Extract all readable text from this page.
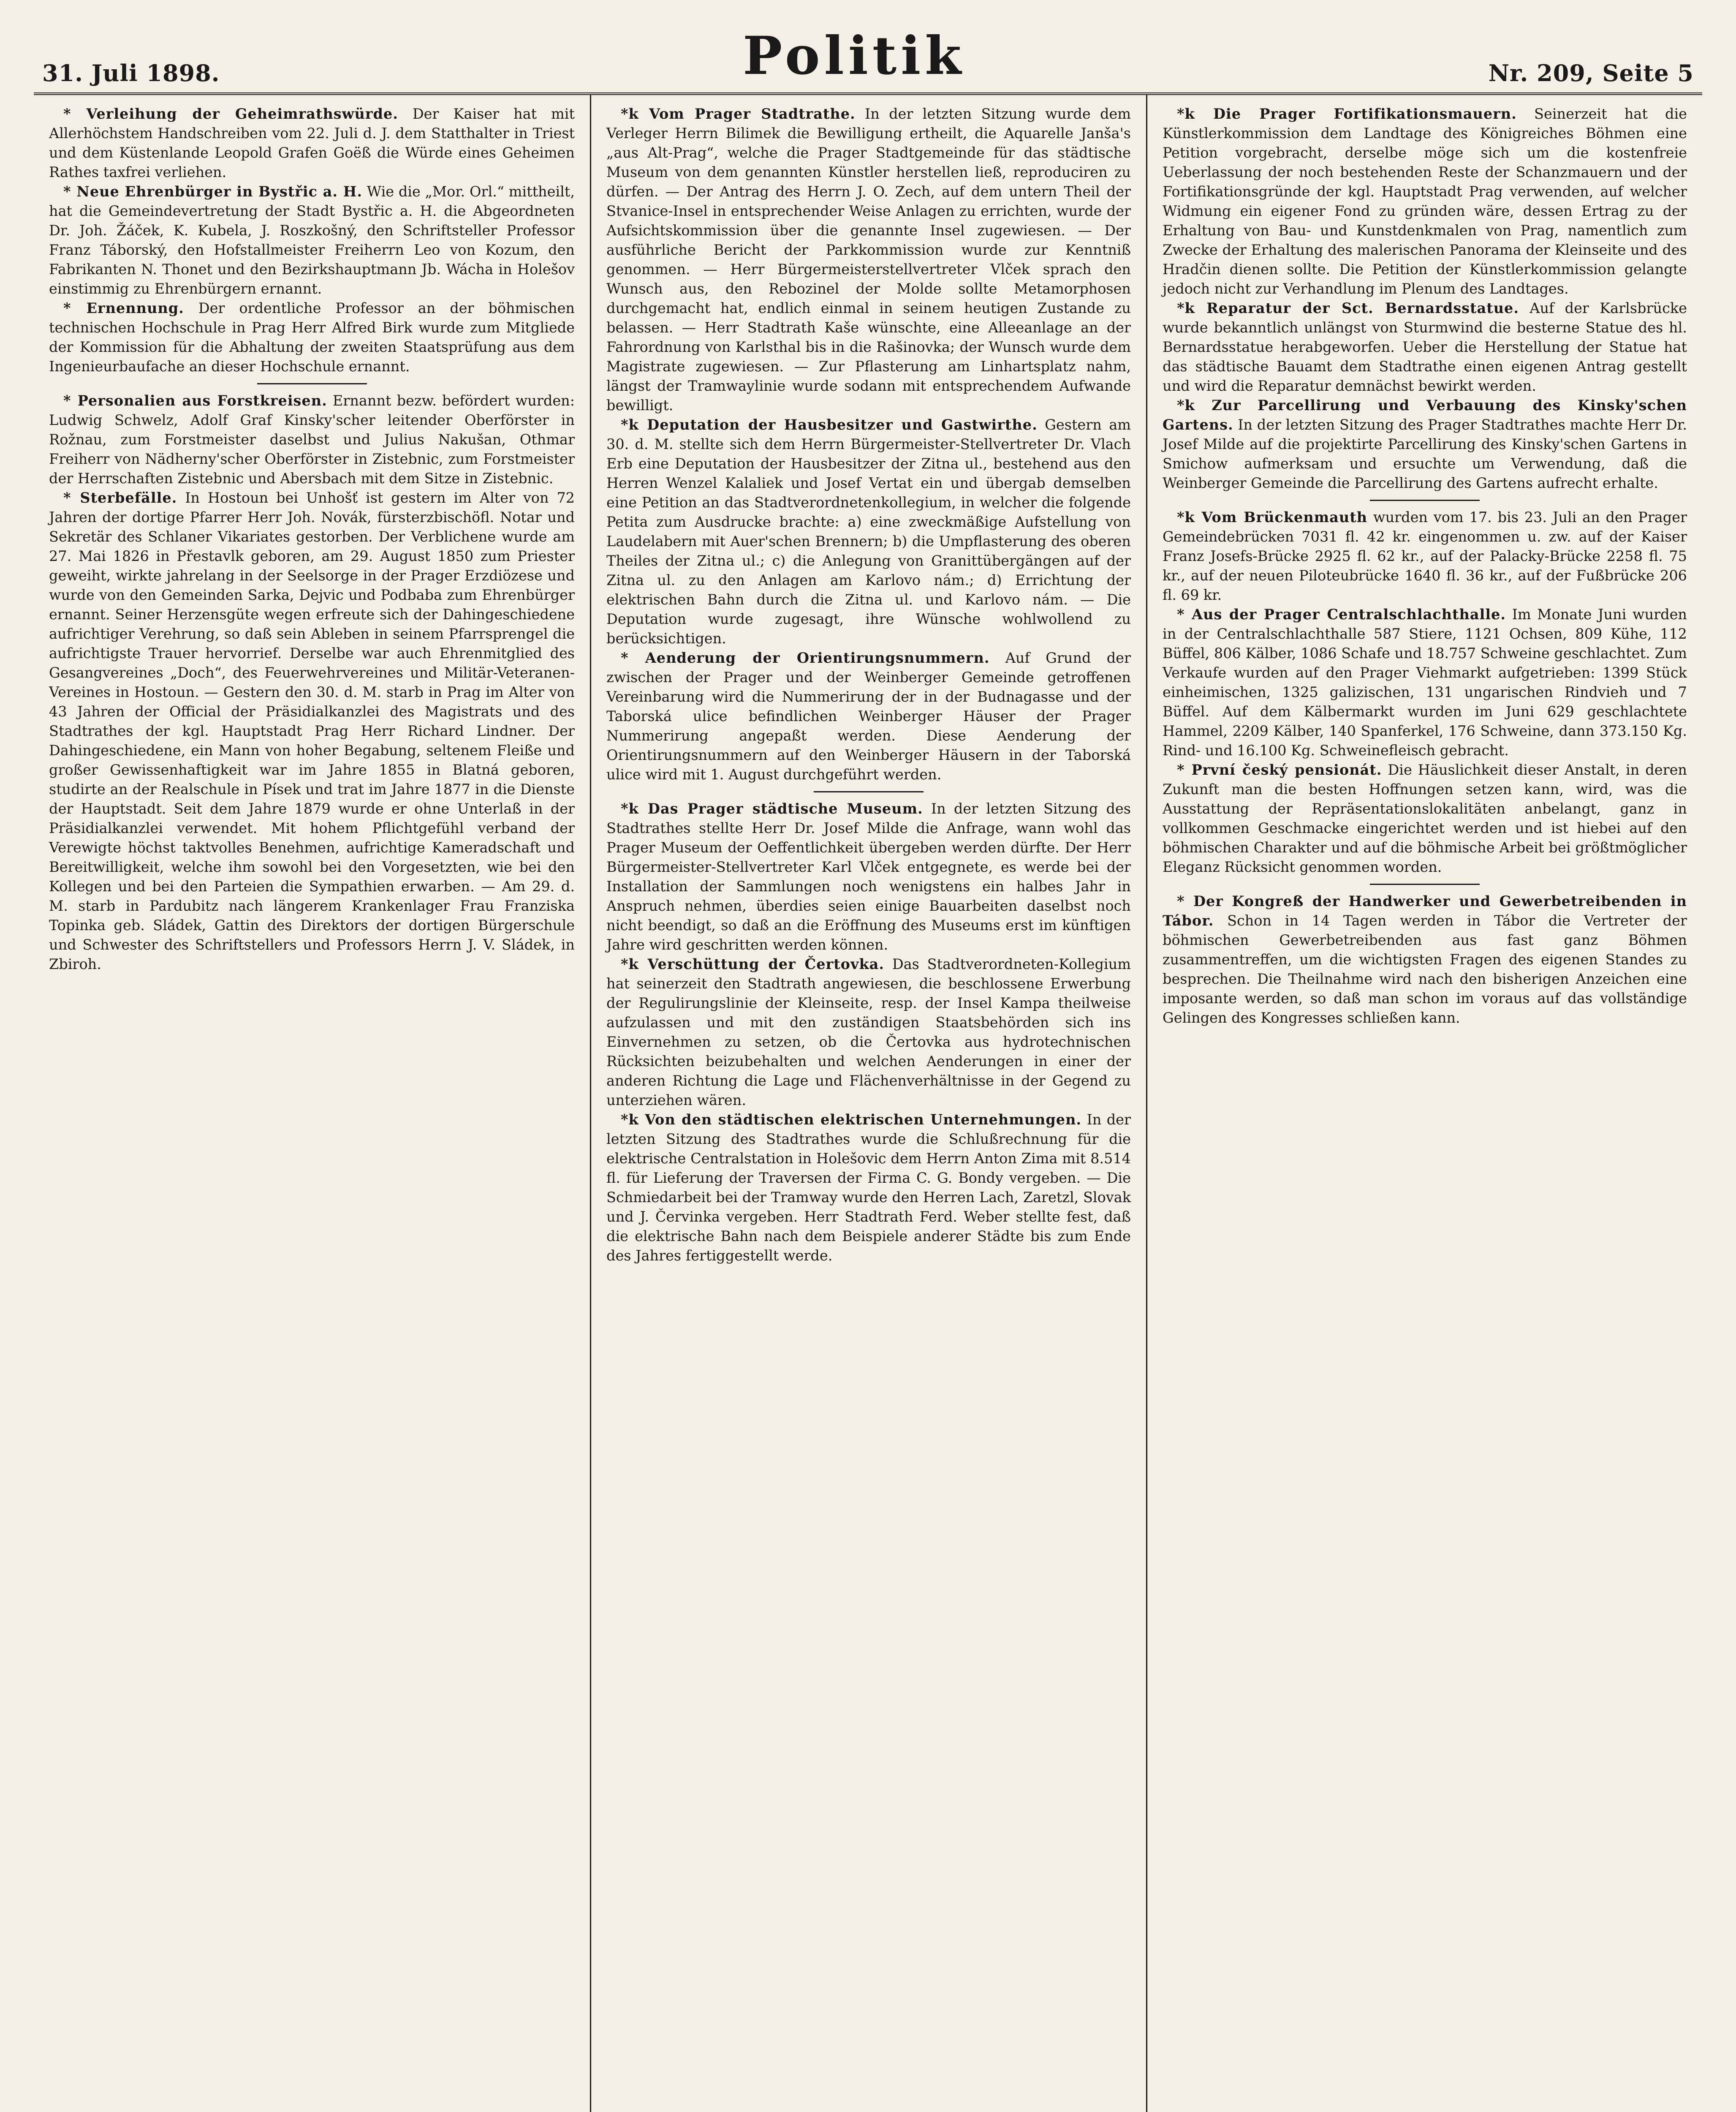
31. Juli 1898.	Politik	Nr. 209, Seite 5

* Verleihung der Geheimrathswürde. Der Kaiser hat mit Allerhöchstem Handschreiben vom 22. Juli d. J. dem Statthalter in Triest und dem Küstenlande Leopold Grafen Goëß die Würde eines Geheimen Rathes taxfrei verliehen.

* Neue Ehrenbürger in Bystřic a. H. Wie die „Mor. Orl.“ mittheilt, hat die Gemeindevertretung der Stadt Bystřic a. H. die Abgeordneten Dr. Joh. Žáček, K. Kubela, J. Roszkošný, den Schriftsteller Professor Franz Táborský, den Hofstallmeister Freiherrn Leo von Kozum, den Fabrikanten N. Thonet und den Bezirkshauptmann Jb. Wácha in Holešov einstimmig zu Ehrenbürgern ernannt.

* Ernennung. Der ordentliche Professor an der böhmischen technischen Hochschule in Prag Herr Alfred Birk wurde zum Mitgliede der Kommission für die Abhaltung der zweiten Staatsprüfung aus dem Ingenieurbaufache an dieser Hochschule ernannt.

* Personalien aus Forstkreisen. Ernannt bezw. befördert wurden: Ludwig Schwelz, Adolf Graf Kinsky'scher leitender Oberförster in Rožnau, zum Forstmeister daselbst und Julius Nakušan, Othmar Freiherr von Nädherny'scher Oberförster in Zistebnic, zum Forstmeister der Herrschaften Zistebnic und Abersbach mit dem Sitze in Zistebnic.

* Sterbefälle. In Hostoun bei Unhošť ist gestern im Alter von 72 Jahren der dortige Pfarrer Herr Joh. Novák, fürsterzbischöfl. Notar und Sekretär des Schlaner Vikariates gestorben. Der Verblichene wurde am 27. Mai 1826 in Přestavlk geboren, am 29. August 1850 zum Priester geweiht, wirkte jahrelang in der Seelsorge in der Prager Erzdiözese und wurde von den Gemeinden Sarka, Dejvic und Podbaba zum Ehrenbürger ernannt. Seiner Herzensgüte wegen erfreute sich der Dahingeschiedene aufrichtiger Verehrung, so daß sein Ableben in seinem Pfarrsprengel die aufrichtigste Trauer hervorrief. Derselbe war auch Ehrenmitglied des Gesangvereines „Doch“, des Feuerwehrvereines und Militär-Veteranen-Vereines in Hostoun. — Gestern den 30. d. M. starb in Prag im Alter von 43 Jahren der Official der Präsidialkanzlei des Magistrats und des Stadtrathes der kgl. Hauptstadt Prag Herr Richard Lindner. Der Dahingeschiedene, ein Mann von hoher Begabung, seltenem Fleiße und großer Gewissenhaftigkeit war im Jahre 1855 in Blatná geboren, studirte an der Realschule in Písek und trat im Jahre 1877 in die Dienste der Hauptstadt. Seit dem Jahre 1879 wurde er ohne Unterlaß in der Präsidialkanzlei verwendet. Mit hohem Pflichtgefühl verband der Verewigte höchst taktvolles Benehmen, aufrichtige Kameradschaft und Bereitwilligkeit, welche ihm sowohl bei den Vorgesetzten, wie bei den Kollegen und bei den Parteien die Sympathien erwarben. — Am 29. d. M. starb in Pardubitz nach längerem Krankenlager Frau Franziska Topinka geb. Sládek, Gattin des Direktors der dortigen Bürgerschule und Schwester des Schriftstellers und Professors Herrn J. V. Sládek, in Zbiroh.

*k Vom Prager Stadtrathe. In der letzten Sitzung wurde dem Verleger Herrn Bilimek die Bewilligung ertheilt, die Aquarelle Janša's „aus Alt-Prag“, welche die Prager Stadtgemeinde für das städtische Museum von dem genannten Künstler herstellen ließ, reproduciren zu dürfen. — Der Antrag des Herrn J. O. Zech, auf dem untern Theil der Stvanice-Insel in entsprechender Weise Anlagen zu errichten, wurde der Aufsichtskommission über die genannte Insel zugewiesen. — Der ausführliche Bericht der Parkkommission wurde zur Kenntniß genommen. — Herr Bürgermeisterstellvertreter Vlček sprach den Wunsch aus, den Rebozinel der Molde sollte Metamorphosen durchgemacht hat, endlich einmal in seinem heutigen Zustande zu belassen. — Herr Stadtrath Kaše wünschte, eine Alleeanlage an der Fahrordnung von Karlsthal bis in die Rašinovka; der Wunsch wurde dem Magistrate zugewiesen. — Zur Pflasterung am Linhartsplatz nahm, längst der Tramwaylinie wurde sodann mit entsprechendem Aufwande bewilligt.

*k Deputation der Hausbesitzer und Gastwirthe. Gestern am 30. d. M. stellte sich dem Herrn Bürgermeister-Stellvertreter Dr. Vlach Erb eine Deputation der Hausbesitzer der Zitna ul., bestehend aus den Herren Wenzel Kalaliek und Josef Vertat ein und übergab demselben eine Petition an das Stadtverordnetenkollegium, in welcher die folgende Petita zum Ausdrucke brachte: a) eine zweckmäßige Aufstellung von Laudelabern mit Auer'schen Brennern; b) die Umpflasterung des oberen Theiles der Zitna ul.; c) die Anlegung von Granittübergängen auf der Zitna ul. zu den Anlagen am Karlovo nám.; d) Errichtung der elektrischen Bahn durch die Zitna ul. und Karlovo nám. — Die Deputation wurde zugesagt, ihre Wünsche wohlwollend zu berücksichtigen.

* Aenderung der Orientirungsnummern. Auf Grund der zwischen der Prager und der Weinberger Gemeinde getroffenen Vereinbarung wird die Nummerirung der in der Budnagasse und der Taborská ulice befindlichen Weinberger Häuser der Prager Nummerirung angepaßt werden. Diese Aenderung der Orientirungsnummern auf den Weinberger Häusern in der Taborská ulice wird mit 1. August durchgeführt werden.

*k Das Prager städtische Museum. In der letzten Sitzung des Stadtrathes stellte Herr Dr. Josef Milde die Anfrage, wann wohl das Prager Museum der Oeffentlichkeit übergeben werden dürfte. Der Herr Bürgermeister-Stellvertreter Karl Vlček entgegnete, es werde bei der Installation der Sammlungen noch wenigstens ein halbes Jahr in Anspruch nehmen, überdies seien einige Bauarbeiten daselbst noch nicht beendigt, so daß an die Eröffnung des Museums erst im künftigen Jahre wird geschritten werden können.

*k Verschüttung der Čertovka. Das Stadtverordneten-Kollegium hat seinerzeit den Stadtrath angewiesen, die beschlossene Erwerbung der Regulirungslinie der Kleinseite, resp. der Insel Kampa theilweise aufzulassen und mit den zuständigen Staatsbehörden sich ins Einvernehmen zu setzen, ob die Čertovka aus hydrotechnischen Rücksichten beizubehalten und welchen Aenderungen in einer der anderen Richtung die Lage und Flächenverhältnisse in der Gegend zu unterziehen wären.

*k Von den städtischen elektrischen Unternehmungen. In der letzten Sitzung des Stadtrathes wurde die Schlußrechnung für die elektrische Centralstation in Holešovic dem Herrn Anton Zima mit 8.514 fl. für Lieferung der Traversen der Firma C. G. Bondy vergeben. — Die Schmiedarbeit bei der Tramway wurde den Herren Lach, Zaretzl, Slovak und J. Červinka vergeben. Herr Stadtrath Ferd. Weber stellte fest, daß die elektrische Bahn nach dem Beispiele anderer Städte bis zum Ende des Jahres fertiggestellt werde.

*k Die Prager Fortifikationsmauern. Seinerzeit hat die Künstlerkommission dem Landtage des Königreiches Böhmen eine Petition vorgebracht, derselbe möge sich um die kostenfreie Ueberlassung der noch bestehenden Reste der Schanzmauern und der Fortifikationsgründe der kgl. Hauptstadt Prag verwenden, auf welcher Widmung ein eigener Fond zu gründen wäre, dessen Ertrag zu der Erhaltung von Bau- und Kunstdenkmalen von Prag, namentlich zum Zwecke der Erhaltung des malerischen Panorama der Kleinseite und des Hradčin dienen sollte. Die Petition der Künstlerkommission gelangte jedoch nicht zur Verhandlung im Plenum des Landtages.

*k Reparatur der Sct. Bernardsstatue. Auf der Karlsbrücke wurde bekanntlich unlängst von Sturmwind die besterne Statue des hl. Bernardsstatue herabgeworfen. Ueber die Herstellung der Statue hat das städtische Bauamt dem Stadtrathe einen eigenen Antrag gestellt und wird die Reparatur demnächst bewirkt werden.

*k Zur Parcellirung und Verbauung des Kinsky'schen Gartens. In der letzten Sitzung des Prager Stadtrathes machte Herr Dr. Josef Milde auf die projektirte Parcellirung des Kinsky'schen Gartens in Smichow aufmerksam und ersuchte um Verwendung, daß die Weinberger Gemeinde die Parcellirung des Gartens aufrecht erhalte.

*k Vom Brückenmauth wurden vom 17. bis 23. Juli an den Prager Gemeindebrücken 7031 fl. 42 kr. eingenommen u. zw. auf der Kaiser Franz Josefs-Brücke 2925 fl. 62 kr., auf der Palacky-Brücke 2258 fl. 75 kr., auf der neuen Piloteubrücke 1640 fl. 36 kr., auf der Fußbrücke 206 fl. 69 kr.

* Aus der Prager Centralschlachthalle. Im Monate Juni wurden in der Centralschlachthalle 587 Stiere, 1121 Ochsen, 809 Kühe, 112 Büffel, 806 Kälber, 1086 Schafe und 18.757 Schweine geschlachtet. Zum Verkaufe wurden auf den Prager Viehmarkt aufgetrieben: 1399 Stück einheimischen, 1325 galizischen, 131 ungarischen Rindvieh und 7 Büffel. Auf dem Kälbermarkt wurden im Juni 629 geschlachtete Hammel, 2209 Kälber, 140 Spanferkel, 176 Schweine, dann 373.150 Kg. Rind- und 16.100 Kg. Schweinefleisch gebracht.

* První český pensionát. Die Häuslichkeit dieser Anstalt, in deren Zukunft man die besten Hoffnungen setzen kann, wird, was die Ausstattung der Repräsentationslokalitäten anbelangt, ganz in vollkommen Geschmacke eingerichtet werden und ist hiebei auf den böhmischen Charakter und auf die böhmische Arbeit bei größtmöglicher Eleganz Rücksicht genommen worden.

* Der Kongreß der Handwerker und Gewerbetreibenden in Tábor. Schon in 14 Tagen werden in Tábor die Vertreter der böhmischen Gewerbetreibenden aus fast ganz Böhmen zusammentreffen, um die wichtigsten Fragen des eigenen Standes zu besprechen. Die Theilnahme wird nach den bisherigen Anzeichen eine imposante werden, so daß man schon im voraus auf das vollständige Gelingen des Kongresses schließen kann.
